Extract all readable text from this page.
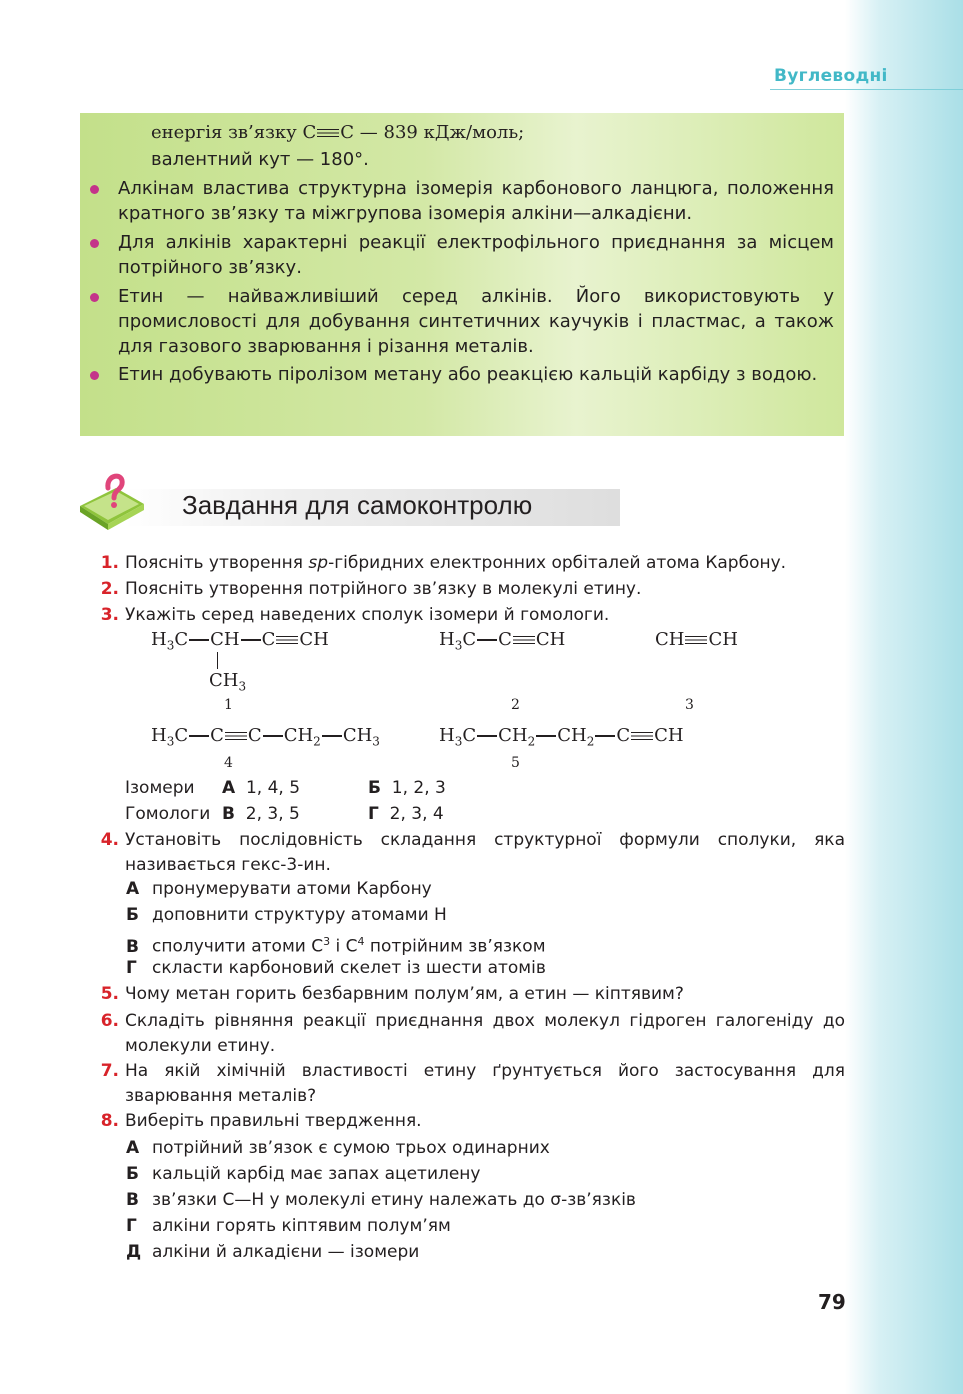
Вуглеводні
енергія зв’язку C C — 839 кДж/моль;
валентний кут — 180°.
Алкінам властива структурна ізомерія карбонового ланцюга, положення кратного зв’язку та міжгрупова ізомерія алкіни—алкадієни.
Для алкінів характерні реакції електрофільного приєднання за місцем потрійного зв’язку.
Етин — найважливіший серед алкінів. Його використовують у промисловості для добування синтетичних каучуків і пластмас, а також для газового зварювання і різання металів.
Етин добувають піролізом метану або реакцією кальцій карбіду з водою.
Завдання для самоконтролю
1. Поясніть утворення sp-гібридних електронних орбіталей атома Карбону.
2. Поясніть утворення потрійного зв’язку в молекулі етину.
3. Укажіть серед наведених сполук ізомери й гомологи.
$H_3C$ CH C CH
$CH_3$
1
$H_3C$ C CH
2
CH CH
3
$H_3C$ C C $CH_2$ $CH_3$
4
$H_3C$ $CH_2$ $CH_2$ C CH
5
Ізомери А 1, 4, 5	Б 1, 2, 3
Гомологи В 2, 3, 5	Г 2, 3, 4
4. Установіть послідовність складання структурної формули сполуки, яка називається гекс-3-ин.
А пронумерувати атоми Карбону
Б доповнити структуру атомами H
В сполучити атоми $C^3$ і $C^4$ потрійним зв’язком
Г скласти карбоновий скелет із шести атомів
5. Чому метан горить безбарвним полум’ям, а етин — кіптявим?
6. Складіть рівняння реакції приєднання двох молекул гідроген галогеніду до молекули етину.
7. На якій хімічній властивості етину ґрунтується його застосування для зварювання металів?
8. Виберіть правильні твердження.
А потрійний зв’язок є сумою трьох одинарних
Б кальцій карбід має запах ацетилену
В зв’язки C—H у молекулі етину належать до σ-зв’язків
Г алкіни горять кіптявим полум’ям
Д алкіни й алкадієни — ізомери
79
